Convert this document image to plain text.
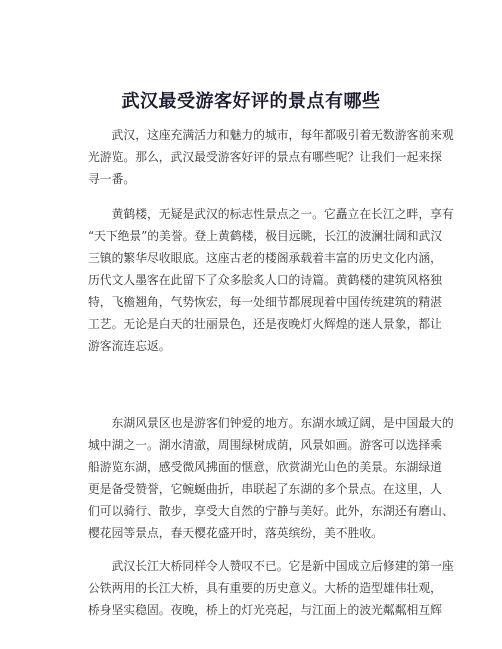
武汉最受游客好评的景点有哪些
　　武汉，这座充满活力和魅力的城市，每年都吸引着无数游客前来观
光游览。那么，武汉最受游客好评的景点有哪些呢？让我们一起来探
寻一番。
　　黄鹤楼，无疑是武汉的标志性景点之一。它矗立在长江之畔，享有
“天下绝景”的美誉。登上黄鹤楼，极目远眺，长江的波澜壮阔和武汉
三镇的繁华尽收眼底。这座古老的楼阁承载着丰富的历史文化内涵，
历代文人墨客在此留下了众多脍炙人口的诗篇。黄鹤楼的建筑风格独
特，飞檐翘角，气势恢宏，每一处细节都展现着中国传统建筑的精湛
工艺。无论是白天的壮丽景色，还是夜晚灯火辉煌的迷人景象，都让
游客流连忘返。
　　东湖风景区也是游客们钟爱的地方。东湖水域辽阔，是中国最大的
城中湖之一。湖水清澈，周围绿树成荫，风景如画。游客可以选择乘
船游览东湖，感受微风拂面的惬意，欣赏湖光山色的美景。东湖绿道
更是备受赞誉，它蜿蜒曲折，串联起了东湖的多个景点。在这里，人
们可以骑行、散步，享受大自然的宁静与美好。此外，东湖还有磨山、
樱花园等景点，春天樱花盛开时，落英缤纷，美不胜收。
　　武汉长江大桥同样令人赞叹不已。它是新中国成立后修建的第一座
公铁两用的长江大桥，具有重要的历史意义。大桥的造型雄伟壮观，
桥身坚实稳固。夜晚，桥上的灯光亮起，与江面上的波光粼粼相互辉
